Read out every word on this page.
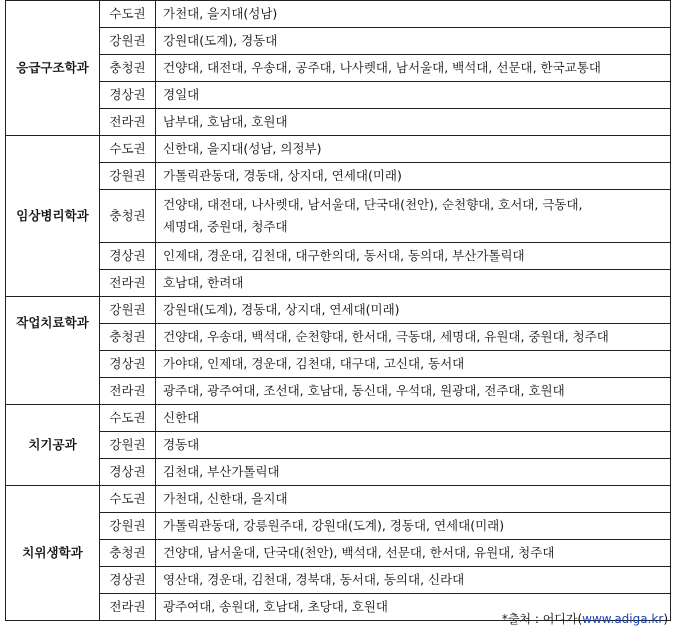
응급구조학과	수도권	가천대, 을지대(성남)
	강원권	강원대(도계), 경동대
	충청권	건양대, 대전대, 우송대, 공주대, 나사렛대, 남서울대, 백석대, 선문대, 한국교통대
	경상권	경일대
	전라권	남부대, 호남대, 호원대
임상병리학과	수도권	신한대, 을지대(성남, 의정부)
	강원권	가톨릭관동대, 경동대, 상지대, 연세대(미래)
	충청권	건양대, 대전대, 나사렛대, 남서울대, 단국대(천안), 순천향대, 호서대, 극동대,
세명대, 중원대, 청주대

	경상권	인제대, 경운대, 김천대, 대구한의대, 동서대, 동의대, 부산가톨릭대
	전라권	호남대, 한려대
작업치료학과	강원권	강원대(도계), 경동대, 상지대, 연세대(미래)
	충청권	건양대, 우송대, 백석대, 순천향대, 한서대, 극동대, 세명대, 유원대, 중원대, 청주대
	경상권	가야대, 인제대, 경운대, 김천대, 대구대, 고신대, 동서대
	전라권	광주대, 광주여대, 조선대, 호남대, 동신대, 우석대, 원광대, 전주대, 호원대
치기공과	수도권	신한대
	강원권	경동대
	경상권	김천대, 부산가톨릭대
치위생학과	수도권	가천대, 신한대, 을지대
	강원권	가톨릭관동대, 강릉원주대, 강원대(도계), 경동대, 연세대(미래)
	충청권	건양대, 남서울대, 단국대(천안), 백석대, 선문대, 한서대, 유원대, 청주대
	경상권	영산대, 경운대, 김천대, 경북대, 동서대, 동의대, 신라대
	전라권	광주여대, 송원대, 호남대, 초당대, 호원대
*출처 : 어디가(www.adiga.kr)
